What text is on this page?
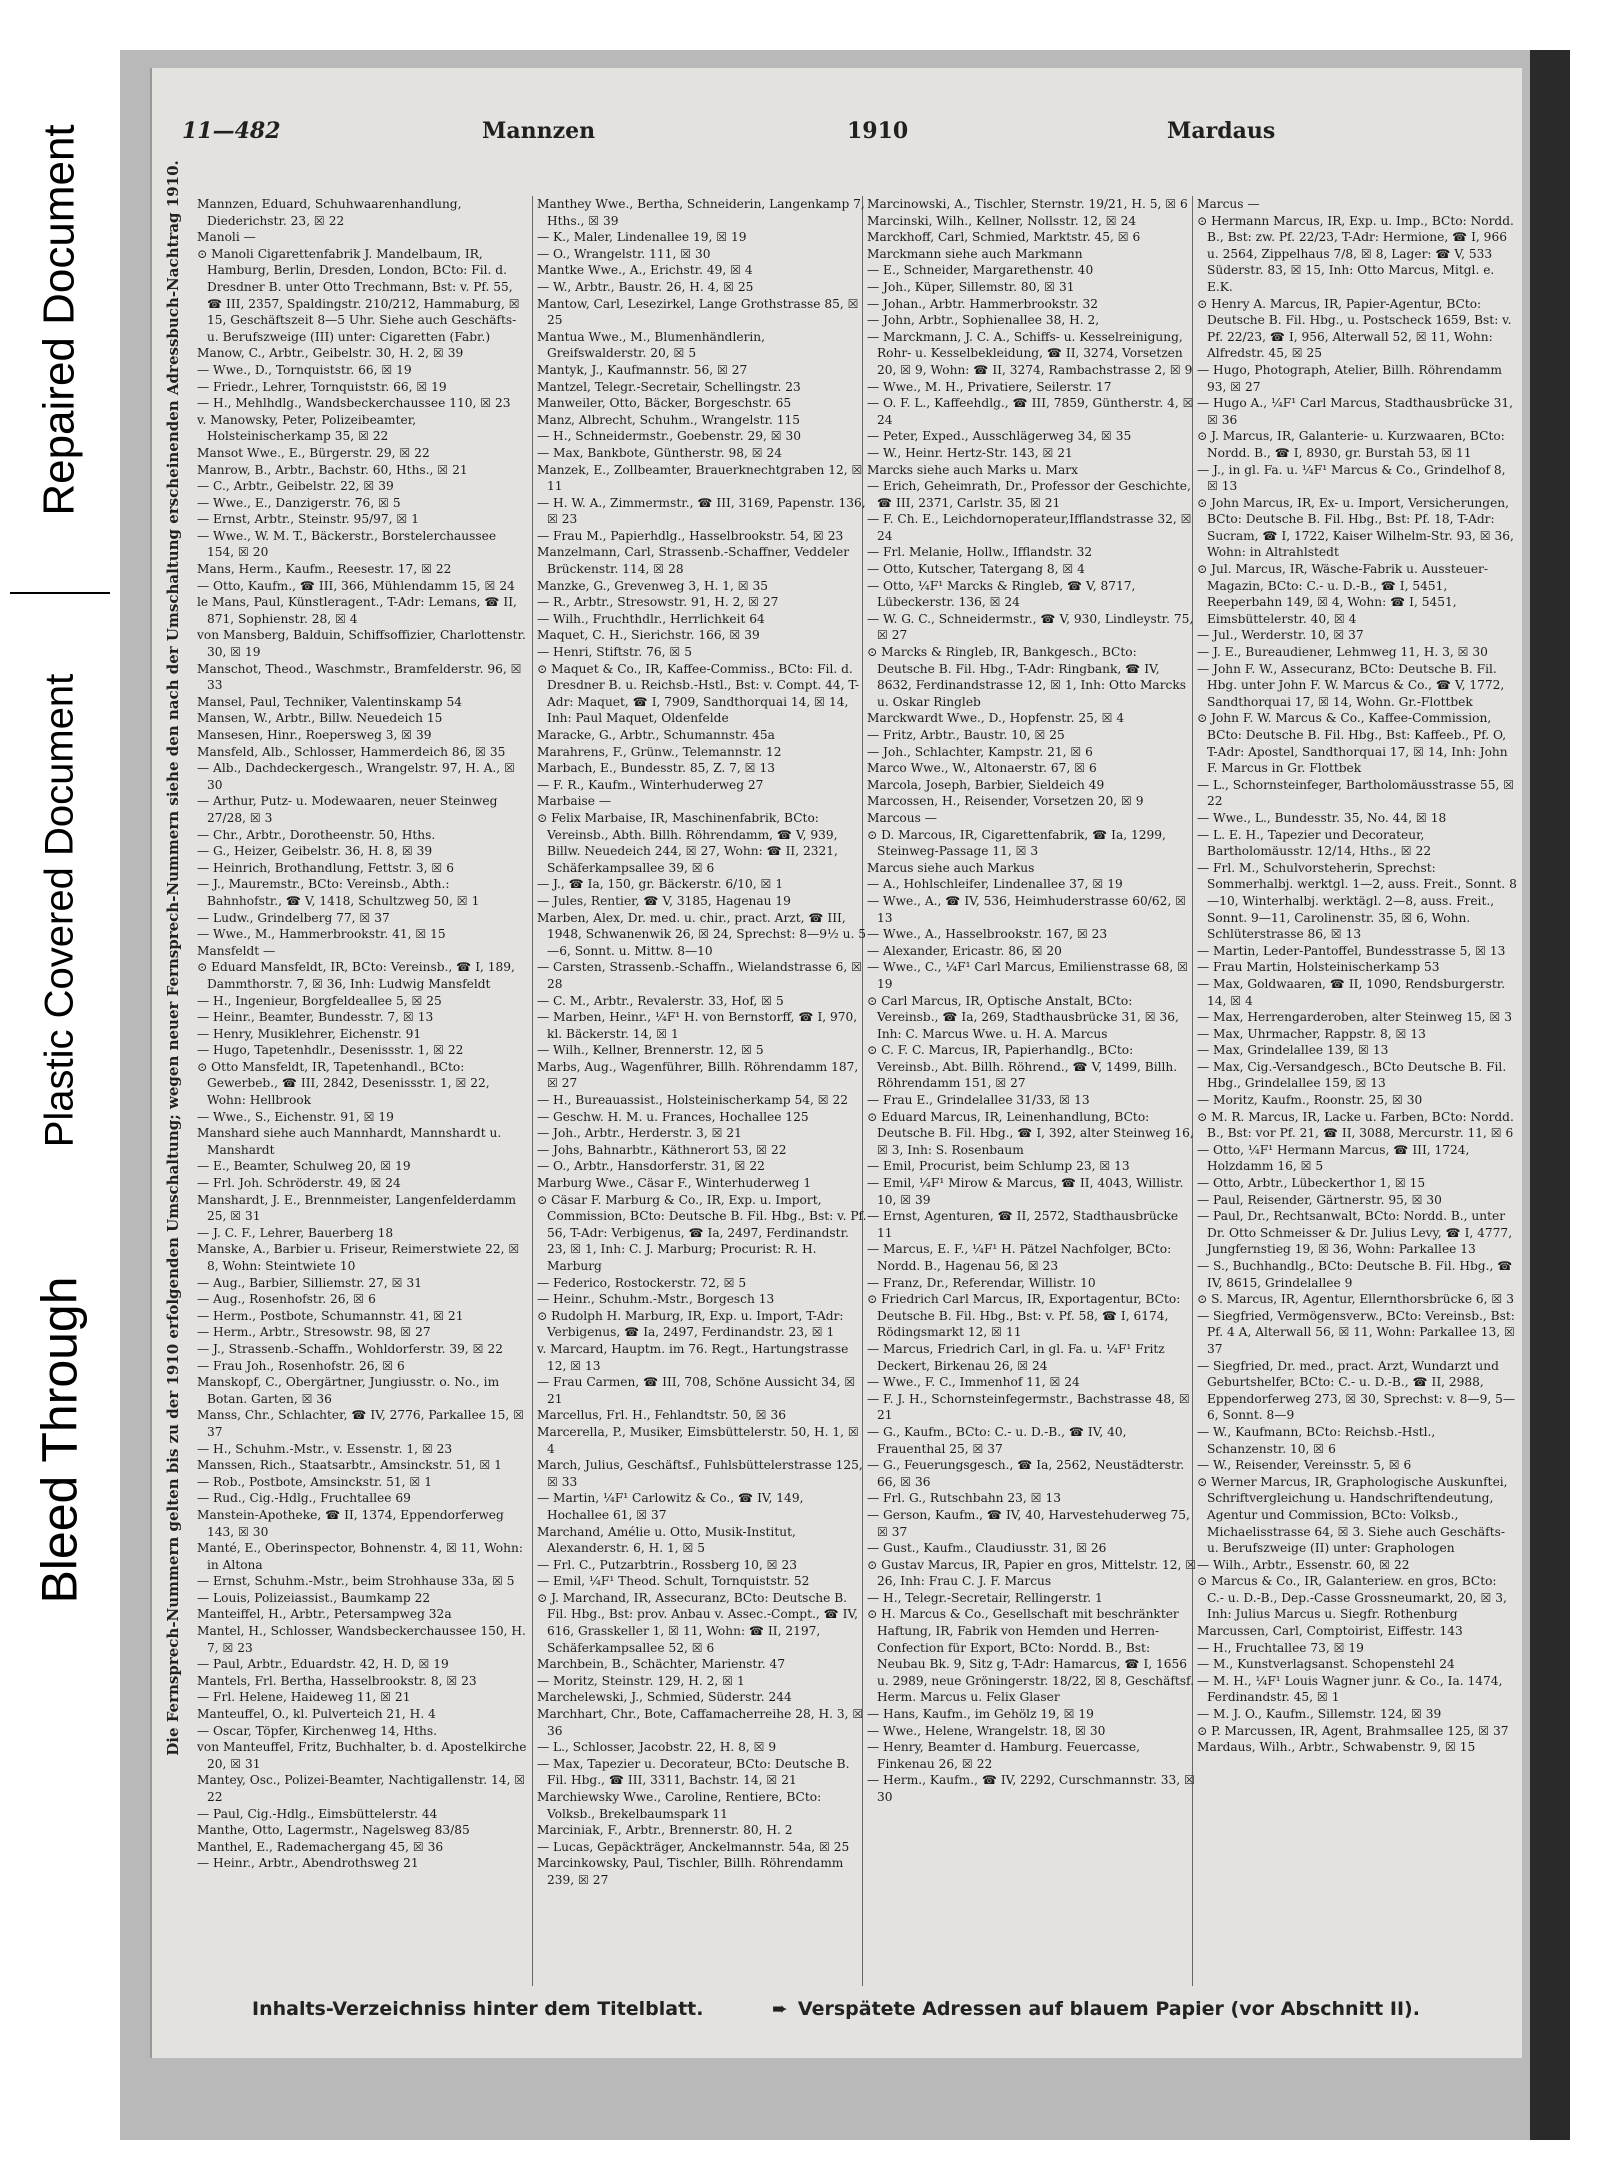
Repaired Document
Plastic Covered Document
Bleed Through
11—482	Mannzen	1910	Mardaus
Die Fernsprech-Nummern gelten bis zu der 1910 erfolgenden Umschaltung; wegen neuer Fernsprech-Nummern siehe den nach der Umschaltung erscheinenden Adressbuch-Nachtrag 1910. Mannzen, Eduard, Schuhwaarenhandlung, Diederichstr. 23, ☒ 22

Manoli —

⊙ Manoli Cigarettenfabrik J. Mandelbaum, IR, Hamburg, Berlin, Dresden, London, BCto: Fil. d. Dresdner B. unter Otto Trechmann, Bst: v. Pf. 55, ☎ III, 2357, Spaldingstr. 210/212, Hammaburg, ☒ 15, Geschäftszeit 8—5 Uhr. Siehe auch Geschäfts- u. Berufszweige (III) unter: Cigaretten (Fabr.)

Manow, C., Arbtr., Geibelstr. 30, H. 2, ☒ 39

— Wwe., D., Tornquiststr. 66, ☒ 19

— Friedr., Lehrer, Tornquiststr. 66, ☒ 19

— H., Mehlhdlg., Wandsbeckerchaussee 110, ☒ 23

v. Manowsky, Peter, Polizeibeamter, Holsteinischerkamp 35, ☒ 22

Mansot Wwe., E., Bürgerstr. 29, ☒ 22

Manrow, B., Arbtr., Bachstr. 60, Hths., ☒ 21

— C., Arbtr., Geibelstr. 22, ☒ 39

— Wwe., E., Danzigerstr. 76, ☒ 5

— Ernst, Arbtr., Steinstr. 95/97, ☒ 1

— Wwe., W. M. T., Bäckerstr., Borstelerchaussee 154, ☒ 20

Mans, Herm., Kaufm., Reesestr. 17, ☒ 22

— Otto, Kaufm., ☎ III, 366, Mühlendamm 15, ☒ 24

le Mans, Paul, Künstleragent., T-Adr: Lemans, ☎ II, 871, Sophienstr. 28, ☒ 4

von Mansberg, Balduin, Schiffsoffizier, Charlottenstr. 30, ☒ 19

Manschot, Theod., Waschmstr., Bramfelderstr. 96, ☒ 33

Mansel, Paul, Techniker, Valentinskamp 54

Mansen, W., Arbtr., Billw. Neuedeich 15

Mansesen, Hinr., Roepersweg 3, ☒ 39

Mansfeld, Alb., Schlosser, Hammerdeich 86, ☒ 35

— Alb., Dachdeckergesch., Wrangelstr. 97, H. A., ☒ 30

— Arthur, Putz- u. Modewaaren, neuer Steinweg 27/28, ☒ 3

— Chr., Arbtr., Dorotheenstr. 50, Hths.

— G., Heizer, Geibelstr. 36, H. 8, ☒ 39

— Heinrich, Brothandlung, Fettstr. 3, ☒ 6

— J., Mauremstr., BCto: Vereinsb., Abth.: Bahnhofstr., ☎ V, 1418, Schultzweg 50, ☒ 1

— Ludw., Grindelberg 77, ☒ 37

— Wwe., M., Hammerbrookstr. 41, ☒ 15

Mansfeldt —

⊙ Eduard Mansfeldt, IR, BCto: Vereinsb., ☎ I, 189, Dammthorstr. 7, ☒ 36, Inh: Ludwig Mansfeldt

— H., Ingenieur, Borgfeldeallee 5, ☒ 25

— Heinr., Beamter, Bundesstr. 7, ☒ 13

— Henry, Musiklehrer, Eichenstr. 91

— Hugo, Tapetenhdlr., Desenissstr. 1, ☒ 22

⊙ Otto Mansfeldt, IR, Tapetenhandl., BCto: Gewerbeb., ☎ III, 2842, Desenissstr. 1, ☒ 22, Wohn: Hellbrook

— Wwe., S., Eichenstr. 91, ☒ 19

Manshard siehe auch Mannhardt, Mannshardt u. Manshardt

— E., Beamter, Schulweg 20, ☒ 19

— Frl. Joh. Schröderstr. 49, ☒ 24

Manshardt, J. E., Brennmeister, Langenfelderdamm 25, ☒ 31

— J. C. F., Lehrer, Bauerberg 18

Manske, A., Barbier u. Friseur, Reimerstwiete 22, ☒ 8, Wohn: Steintwiete 10

— Aug., Barbier, Silliemstr. 27, ☒ 31

— Aug., Rosenhofstr. 26, ☒ 6

— Herm., Postbote, Schumannstr. 41, ☒ 21

— Herm., Arbtr., Stresowstr. 98, ☒ 27

— J., Strassenb.-Schaffn., Wohldorferstr. 39, ☒ 22

— Frau Joh., Rosenhofstr. 26, ☒ 6

Manskopf, C., Obergärtner, Jungiusstr. o. No., im Botan. Garten, ☒ 36

Manss, Chr., Schlachter, ☎ IV, 2776, Parkallee 15, ☒ 37

— H., Schuhm.-Mstr., v. Essenstr. 1, ☒ 23

Manssen, Rich., Staatsarbtr., Amsinckstr. 51, ☒ 1

— Rob., Postbote, Amsinckstr. 51, ☒ 1

— Rud., Cig.-Hdlg., Fruchtallee 69

Manstein-Apotheke, ☎ II, 1374, Eppendorferweg 143, ☒ 30

Manté, E., Oberinspector, Bohnenstr. 4, ☒ 11, Wohn: in Altona

— Ernst, Schuhm.-Mstr., beim Strohhause 33a, ☒ 5

— Louis, Polizeiassist., Baumkamp 22

Manteiffel, H., Arbtr., Petersampweg 32a

Mantel, H., Schlosser, Wandsbeckerchaussee 150, H. 7, ☒ 23

— Paul, Arbtr., Eduardstr. 42, H. D, ☒ 19

Mantels, Frl. Bertha, Hasselbrookstr. 8, ☒ 23

— Frl. Helene, Haideweg 11, ☒ 21

Manteuffel, O., kl. Pulverteich 21, H. 4

— Oscar, Töpfer, Kirchenweg 14, Hths.

von Manteuffel, Fritz, Buchhalter, b. d. Apostelkirche 20, ☒ 31

Mantey, Osc., Polizei-Beamter, Nachtigallenstr. 14, ☒ 22

— Paul, Cig.-Hdlg., Eimsbüttelerstr. 44

Manthe, Otto, Lagermstr., Nagelsweg 83/85

Manthel, E., Rademachergang 45, ☒ 36

— Heinr., Arbtr., Abendrothsweg 21

Manthey Wwe., Bertha, Schneiderin, Langenkamp 7, Hths., ☒ 39

— K., Maler, Lindenallee 19, ☒ 19

— O., Wrangelstr. 111, ☒ 30

Mantke Wwe., A., Erichstr. 49, ☒ 4

— W., Arbtr., Baustr. 26, H. 4, ☒ 25

Mantow, Carl, Lesezirkel, Lange Grothstrasse 85, ☒ 25

Mantua Wwe., M., Blumenhändlerin, Greifswalderstr. 20, ☒ 5

Mantyk, J., Kaufmannstr. 56, ☒ 27

Mantzel, Telegr.-Secretair, Schellingstr. 23

Manweiler, Otto, Bäcker, Borgeschstr. 65

Manz, Albrecht, Schuhm., Wrangelstr. 115

— H., Schneidermstr., Goebenstr. 29, ☒ 30

— Max, Bankbote, Güntherstr. 98, ☒ 24

Manzek, E., Zollbeamter, Brauerknechtgraben 12, ☒ 11

— H. W. A., Zimmermstr., ☎ III, 3169, Papenstr. 136, ☒ 23

— Frau M., Papierhdlg., Hasselbrookstr. 54, ☒ 23

Manzelmann, Carl, Strassenb.-Schaffner, Veddeler Brückenstr. 114, ☒ 28

Manzke, G., Grevenweg 3, H. 1, ☒ 35

— R., Arbtr., Stresowstr. 91, H. 2, ☒ 27

— Wilh., Fruchthdlr., Herrlichkeit 64

Maquet, C. H., Sierichstr. 166, ☒ 39

— Henri, Stiftstr. 76, ☒ 5

⊙ Maquet & Co., IR, Kaffee-Commiss., BCto: Fil. d. Dresdner B. u. Reichsb.-Hstl., Bst: v. Compt. 44, T-Adr: Maquet, ☎ I, 7909, Sandthorquai 14, ☒ 14, Inh: Paul Maquet, Oldenfelde

Maracke, G., Arbtr., Schumannstr. 45a

Marahrens, F., Grünw., Telemannstr. 12

Marbach, E., Bundesstr. 85, Z. 7, ☒ 13

— F. R., Kaufm., Winterhuderweg 27

Marbaise —

⊙ Felix Marbaise, IR, Maschinenfabrik, BCto: Vereinsb., Abth. Billh. Röhrendamm, ☎ V, 939, Billw. Neuedeich 244, ☒ 27, Wohn: ☎ II, 2321, Schäferkampsallee 39, ☒ 6

— J., ☎ Ia, 150, gr. Bäckerstr. 6/10, ☒ 1

— Jules, Rentier, ☎ V, 3185, Hagenau 19

Marben, Alex, Dr. med. u. chir., pract. Arzt, ☎ III, 1948, Schwanenwik 26, ☒ 24, Sprechst: 8—9½ u. 5—6, Sonnt. u. Mittw. 8—10

— Carsten, Strassenb.-Schaffn., Wielandstrasse 6, ☒ 28

— C. M., Arbtr., Revalerstr. 33, Hof, ☒ 5

— Marben, Heinr., ¼F¹ H. von Bernstorff, ☎ I, 970, kl. Bäckerstr. 14, ☒ 1

— Wilh., Kellner, Brennerstr. 12, ☒ 5

Marbs, Aug., Wagenführer, Billh. Röhrendamm 187, ☒ 27

— H., Bureauassist., Holsteinischerkamp 54, ☒ 22

— Geschw. H. M. u. Frances, Hochallee 125

— Joh., Arbtr., Herderstr. 3, ☒ 21

— Johs, Bahnarbtr., Käthnerort 53, ☒ 22

— O., Arbtr., Hansdorferstr. 31, ☒ 22

Marburg Wwe., Cäsar F., Winterhuderweg 1

⊙ Cäsar F. Marburg & Co., IR, Exp. u. Import, Commission, BCto: Deutsche B. Fil. Hbg., Bst: v. Pf. 56, T-Adr: Verbigenus, ☎ Ia, 2497, Ferdinandstr. 23, ☒ 1, Inh: C. J. Marburg; Procurist: R. H. Marburg

— Federico, Rostockerstr. 72, ☒ 5

— Heinr., Schuhm.-Mstr., Borgesch 13

⊙ Rudolph H. Marburg, IR, Exp. u. Import, T-Adr: Verbigenus, ☎ Ia, 2497, Ferdinandstr. 23, ☒ 1

v. Marcard, Hauptm. im 76. Regt., Hartungstrasse 12, ☒ 13

— Frau Carmen, ☎ III, 708, Schöne Aussicht 34, ☒ 21

Marcellus, Frl. H., Fehlandtstr. 50, ☒ 36

Marcerella, P., Musiker, Eimsbüttelerstr. 50, H. 1, ☒ 4

March, Julius, Geschäftsf., Fuhlsbüttelerstrasse 125, ☒ 33

— Martin, ¼F¹ Carlowitz & Co., ☎ IV, 149, Hochallee 61, ☒ 37

Marchand, Amélie u. Otto, Musik-Institut, Alexanderstr. 6, H. 1, ☒ 5

— Frl. C., Putzarbtrin., Rossberg 10, ☒ 23

— Emil, ¼F¹ Theod. Schult, Tornquiststr. 52

⊙ J. Marchand, IR, Assecuranz, BCto: Deutsche B. Fil. Hbg., Bst: prov. Anbau v. Assec.-Compt., ☎ IV, 616, Grasskeller 1, ☒ 11, Wohn: ☎ II, 2197, Schäferkampsallee 52, ☒ 6

Marchbein, B., Schächter, Marienstr. 47

— Moritz, Steinstr. 129, H. 2, ☒ 1

Marchelewski, J., Schmied, Süderstr. 244

Marchhart, Chr., Bote, Caffamacherreihe 28, H. 3, ☒ 36

— L., Schlosser, Jacobstr. 22, H. 8, ☒ 9

— Max, Tapezier u. Decorateur, BCto: Deutsche B. Fil. Hbg., ☎ III, 3311, Bachstr. 14, ☒ 21

Marchiewsky Wwe., Caroline, Rentiere, BCto: Volksb., Brekelbaumspark 11

Marciniak, F., Arbtr., Brennerstr. 80, H. 2

— Lucas, Gepäckträger, Anckelmannstr. 54a, ☒ 25

Marcinkowsky, Paul, Tischler, Billh. Röhrendamm 239, ☒ 27

Marcinowski, A., Tischler, Sternstr. 19/21, H. 5, ☒ 6

Marcinski, Wilh., Kellner, Nollsstr. 12, ☒ 24

Marckhoff, Carl, Schmied, Marktstr. 45, ☒ 6

Marckmann siehe auch Markmann

— E., Schneider, Margarethenstr. 40

— Joh., Küper, Sillemstr. 80, ☒ 31

— Johan., Arbtr. Hammerbrookstr. 32

— John, Arbtr., Sophienallee 38, H. 2,

— Marckmann, J. C. A., Schiffs- u. Kesselreinigung, Rohr- u. Kesselbekleidung, ☎ II, 3274, Vorsetzen 20, ☒ 9, Wohn: ☎ II, 3274, Rambachstrasse 2, ☒ 9

— Wwe., M. H., Privatiere, Seilerstr. 17

— O. F. L., Kaffeehdlg., ☎ III, 7859, Güntherstr. 4, ☒ 24

— Peter, Exped., Ausschlägerweg 34, ☒ 35

— W., Heinr. Hertz-Str. 143, ☒ 21

Marcks siehe auch Marks u. Marx

— Erich, Geheimrath, Dr., Professor der Geschichte, ☎ III, 2371, Carlstr. 35, ☒ 21

— F. Ch. E., Leichdornoperateur,Ifflandstrasse 32, ☒ 24

— Frl. Melanie, Hollw., Ifflandstr. 32

— Otto, Kutscher, Tatergang 8, ☒ 4

— Otto, ¼F¹ Marcks & Ringleb, ☎ V, 8717, Lübeckerstr. 136, ☒ 24

— W. G. C., Schneidermstr., ☎ V, 930, Lindleystr. 75, ☒ 27

⊙ Marcks & Ringleb, IR, Bankgesch., BCto: Deutsche B. Fil. Hbg., T-Adr: Ringbank, ☎ IV, 8632, Ferdinandstrasse 12, ☒ 1, Inh: Otto Marcks u. Oskar Ringleb

Marckwardt Wwe., D., Hopfenstr. 25, ☒ 4

— Fritz, Arbtr., Baustr. 10, ☒ 25

— Joh., Schlachter, Kampstr. 21, ☒ 6

Marco Wwe., W., Altonaerstr. 67, ☒ 6

Marcola, Joseph, Barbier, Sieldeich 49

Marcossen, H., Reisender, Vorsetzen 20, ☒ 9

Marcous —

⊙ D. Marcous, IR, Cigarettenfabrik, ☎ Ia, 1299, Steinweg-Passage 11, ☒ 3

Marcus siehe auch Markus

— A., Hohlschleifer, Lindenallee 37, ☒ 19

— Wwe., A., ☎ IV, 536, Heimhuderstrasse 60/62, ☒ 13

— Wwe., A., Hasselbrookstr. 167, ☒ 23

— Alexander, Ericastr. 86, ☒ 20

— Wwe., C., ¼F¹ Carl Marcus, Emilienstrasse 68, ☒ 19

⊙ Carl Marcus, IR, Optische Anstalt, BCto: Vereinsb., ☎ Ia, 269, Stadthausbrücke 31, ☒ 36, Inh: C. Marcus Wwe. u. H. A. Marcus

⊙ C. F. C. Marcus, IR, Papierhandlg., BCto: Vereinsb., Abt. Billh. Röhrend., ☎ V, 1499, Billh. Röhrendamm 151, ☒ 27

— Frau E., Grindelallee 31/33, ☒ 13

⊙ Eduard Marcus, IR, Leinenhandlung, BCto: Deutsche B. Fil. Hbg., ☎ I, 392, alter Steinweg 16, ☒ 3, Inh: S. Rosenbaum

— Emil, Procurist, beim Schlump 23, ☒ 13

— Emil, ¼F¹ Mirow & Marcus, ☎ II, 4043, Willistr. 10, ☒ 39

— Ernst, Agenturen, ☎ II, 2572, Stadthausbrücke 11

— Marcus, E. F., ¼F¹ H. Pätzel Nachfolger, BCto: Nordd. B., Hagenau 56, ☒ 23

— Franz, Dr., Referendar, Willistr. 10

⊙ Friedrich Carl Marcus, IR, Exportagentur, BCto: Deutsche B. Fil. Hbg., Bst: v. Pf. 58, ☎ I, 6174, Rödingsmarkt 12, ☒ 11

— Marcus, Friedrich Carl, in gl. Fa. u. ¼F¹ Fritz Deckert, Birkenau 26, ☒ 24

— Wwe., F. C., Immenhof 11, ☒ 24

— F. J. H., Schornsteinfegermstr., Bachstrasse 48, ☒ 21

— G., Kaufm., BCto: C.- u. D.-B., ☎ IV, 40, Frauenthal 25, ☒ 37

— G., Feuerungsgesch., ☎ Ia, 2562, Neustädterstr. 66, ☒ 36

— Frl. G., Rutschbahn 23, ☒ 13

— Gerson, Kaufm., ☎ IV, 40, Harvestehuderweg 75, ☒ 37

— Gust., Kaufm., Claudiusstr. 31, ☒ 26

⊙ Gustav Marcus, IR, Papier en gros, Mittelstr. 12, ☒ 26, Inh: Frau C. J. F. Marcus

— H., Telegr.-Secretair, Rellingerstr. 1

⊙ H. Marcus & Co., Gesellschaft mit beschränkter Haftung, IR, Fabrik von Hemden und Herren-Confection für Export, BCto: Nordd. B., Bst: Neubau Bk. 9, Sitz g, T-Adr: Hamarcus, ☎ I, 1656 u. 2989, neue Gröningerstr. 18/22, ☒ 8, Geschäftsf. Herm. Marcus u. Felix Glaser

— Hans, Kaufm., im Gehölz 19, ☒ 19

— Wwe., Helene, Wrangelstr. 18, ☒ 30

— Henry, Beamter d. Hamburg. Feuercasse, Finkenau 26, ☒ 22

— Herm., Kaufm., ☎ IV, 2292, Curschmannstr. 33, ☒ 30

Marcus —

⊙ Hermann Marcus, IR, Exp. u. Imp., BCto: Nordd. B., Bst: zw. Pf. 22/23, T-Adr: Hermione, ☎ I, 966 u. 2564, Zippelhaus 7/8, ☒ 8, Lager: ☎ V, 533 Süderstr. 83, ☒ 15, Inh: Otto Marcus, Mitgl. e. E.K.

⊙ Henry A. Marcus, IR, Papier-Agentur, BCto: Deutsche B. Fil. Hbg., u. Postscheck 1659, Bst: v. Pf. 22/23, ☎ I, 956, Alterwall 52, ☒ 11, Wohn: Alfredstr. 45, ☒ 25

— Hugo, Photograph, Atelier, Billh. Röhrendamm 93, ☒ 27

— Hugo A., ¼F¹ Carl Marcus, Stadthausbrücke 31, ☒ 36

⊙ J. Marcus, IR, Galanterie- u. Kurzwaaren, BCto: Nordd. B., ☎ I, 8930, gr. Burstah 53, ☒ 11

— J., in gl. Fa. u. ¼F¹ Marcus & Co., Grindelhof 8, ☒ 13

⊙ John Marcus, IR, Ex- u. Import, Versicherungen, BCto: Deutsche B. Fil. Hbg., Bst: Pf. 18, T-Adr: Sucram, ☎ I, 1722, Kaiser Wilhelm-Str. 93, ☒ 36, Wohn: in Altrahlstedt

⊙ Jul. Marcus, IR, Wäsche-Fabrik u. Aussteuer-Magazin, BCto: C.- u. D.-B., ☎ I, 5451, Reeperbahn 149, ☒ 4, Wohn: ☎ I, 5451, Eimsbüttelerstr. 40, ☒ 4

— Jul., Werderstr. 10, ☒ 37

— J. E., Bureaudiener, Lehmweg 11, H. 3, ☒ 30

— John F. W., Assecuranz, BCto: Deutsche B. Fil. Hbg. unter John F. W. Marcus & Co., ☎ V, 1772, Sandthorquai 17, ☒ 14, Wohn. Gr.-Flottbek

⊙ John F. W. Marcus & Co., Kaffee-Commission, BCto: Deutsche B. Fil. Hbg., Bst: Kaffeeb., Pf. O, T-Adr: Apostel, Sandthorquai 17, ☒ 14, Inh: John F. Marcus in Gr. Flottbek

— L., Schornsteinfeger, Bartholomäusstrasse 55, ☒ 22

— Wwe., L., Bundesstr. 35, No. 44, ☒ 18

— L. E. H., Tapezier und Decorateur, Bartholomäusstr. 12/14, Hths., ☒ 22

— Frl. M., Schulvorsteherin, Sprechst: Sommerhalbj. werktgl. 1—2, auss. Freit., Sonnt. 8—10, Winterhalbj. werktägl. 2—8, auss. Freit., Sonnt. 9—11, Carolinenstr. 35, ☒ 6, Wohn. Schlüterstrasse 86, ☒ 13

— Martin, Leder-Pantoffel, Bundesstrasse 5, ☒ 13

— Frau Martin, Holsteinischerkamp 53

— Max, Goldwaaren, ☎ II, 1090, Rendsburgerstr. 14, ☒ 4

— Max, Herrengarderoben, alter Steinweg 15, ☒ 3

— Max, Uhrmacher, Rappstr. 8, ☒ 13

— Max, Grindelallee 139, ☒ 13

— Max, Cig.-Versandgesch., BCto Deutsche B. Fil. Hbg., Grindelallee 159, ☒ 13

— Moritz, Kaufm., Roonstr. 25, ☒ 30

⊙ M. R. Marcus, IR, Lacke u. Farben, BCto: Nordd. B., Bst: vor Pf. 21, ☎ II, 3088, Mercurstr. 11, ☒ 6

— Otto, ¼F¹ Hermann Marcus, ☎ III, 1724, Holzdamm 16, ☒ 5

— Otto, Arbtr., Lübeckerthor 1, ☒ 15

— Paul, Reisender, Gärtnerstr. 95, ☒ 30

— Paul, Dr., Rechtsanwalt, BCto: Nordd. B., unter Dr. Otto Schmeisser & Dr. Julius Levy, ☎ I, 4777, Jungfernstieg 19, ☒ 36, Wohn: Parkallee 13

— S., Buchhandlg., BCto: Deutsche B. Fil. Hbg., ☎ IV, 8615, Grindelallee 9

⊙ S. Marcus, IR, Agentur, Ellernthorsbrücke 6, ☒ 3

— Siegfried, Vermögensverw., BCto: Vereinsb., Bst: Pf. 4 A, Alterwall 56, ☒ 11, Wohn: Parkallee 13, ☒ 37

— Siegfried, Dr. med., pract. Arzt, Wundarzt und Geburtshelfer, BCto: C.- u. D.-B., ☎ II, 2988, Eppendorferweg 273, ☒ 30, Sprechst: v. 8—9, 5—6, Sonnt. 8—9

— W., Kaufmann, BCto: Reichsb.-Hstl., Schanzenstr. 10, ☒ 6

— W., Reisender, Vereinsstr. 5, ☒ 6

⊙ Werner Marcus, IR, Graphologische Auskunftei, Schriftvergleichung u. Handschriftendeutung, Agentur und Commission, BCto: Volksb., Michaelisstrasse 64, ☒ 3. Siehe auch Geschäfts- u. Berufszweige (II) unter: Graphologen

— Wilh., Arbtr., Essenstr. 60, ☒ 22

⊙ Marcus & Co., IR, Galanteriew. en gros, BCto: C.- u. D.-B., Dep.-Casse Grossneumarkt, 20, ☒ 3, Inh: Julius Marcus u. Siegfr. Rothenburg

Marcussen, Carl, Comptoirist, Eiffestr. 143

— H., Fruchtallee 73, ☒ 19

— M., Kunstverlagsanst. Schopenstehl 24

— M. H., ¼F¹ Louis Wagner junr. & Co., Ia. 1474, Ferdinandstr. 45, ☒ 1

— M. J. O., Kaufm., Sillemstr. 124, ☒ 39

⊙ P. Marcussen, IR, Agent, Brahmsallee 125, ☒ 37

Mardaus, Wilh., Arbtr., Schwabenstr. 9, ☒ 15

Inhalts-Verzeichniss hinter dem Titelblatt.	➨ Verspätete Adressen auf blauem Papier (vor Abschnitt II).
